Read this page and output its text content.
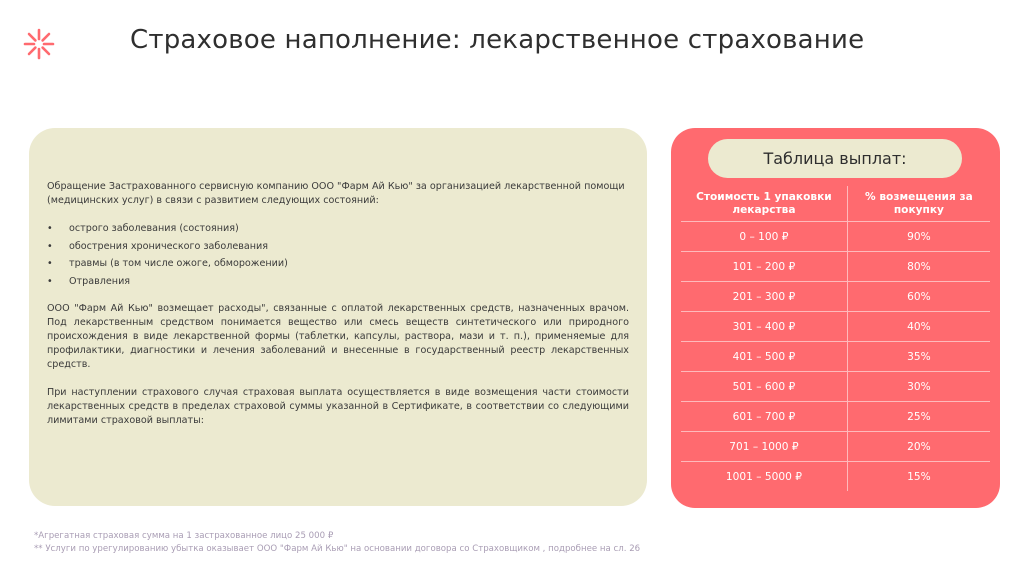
Страховое наполнение: лекарственное страхование

Обращение Застрахованного сервисную компанию ООО "Фарм Ай Кью" за организацией лекарственной помощи (медицинских услуг) в связи с развитием следующих состояний:

• острого заболевания (состояния)
• обострения хронического заболевания
• травмы (в том числе ожоге, обморожении)
• Отравления

ООО "Фарм Ай Кью" возмещает расходы", связанные с оплатой лекарственных средств, назначенных врачом. Под лекарственным средством понимается вещество или смесь веществ синтетического или природного происхождения в виде лекарственной формы (таблетки, капсулы, раствора, мази и т. п.), применяемые для профилактики, диагностики и лечения заболеваний и внесенные в государственный реестр лекарственных средств.

При наступлении страхового случая страховая выплата осуществляется в виде возмещения части стоимости лекарственных средств в пределах страховой суммы указанной в Сертификате, в соответствии со следующими лимитами страховой выплаты:

Таблица выплат:
Стоимость 1 упаковки лекарства	% возмещения за покупку
0 – 100 ₽	90%
101 – 200 ₽	80%
201 – 300 ₽	60%
301 – 400 ₽	40%
401 – 500 ₽	35%
501 – 600 ₽	30%
601 – 700 ₽	25%
701 – 1000 ₽	20%
1001 – 5000 ₽	15%
*Агрегатная страховая сумма на 1 застрахованное лицо 25 000 ₽
** Услуги по урегулированию убытка оказывает ООО "Фарм Ай Кью" на основании договора со Страховщиком , подробнее на сл. 26
